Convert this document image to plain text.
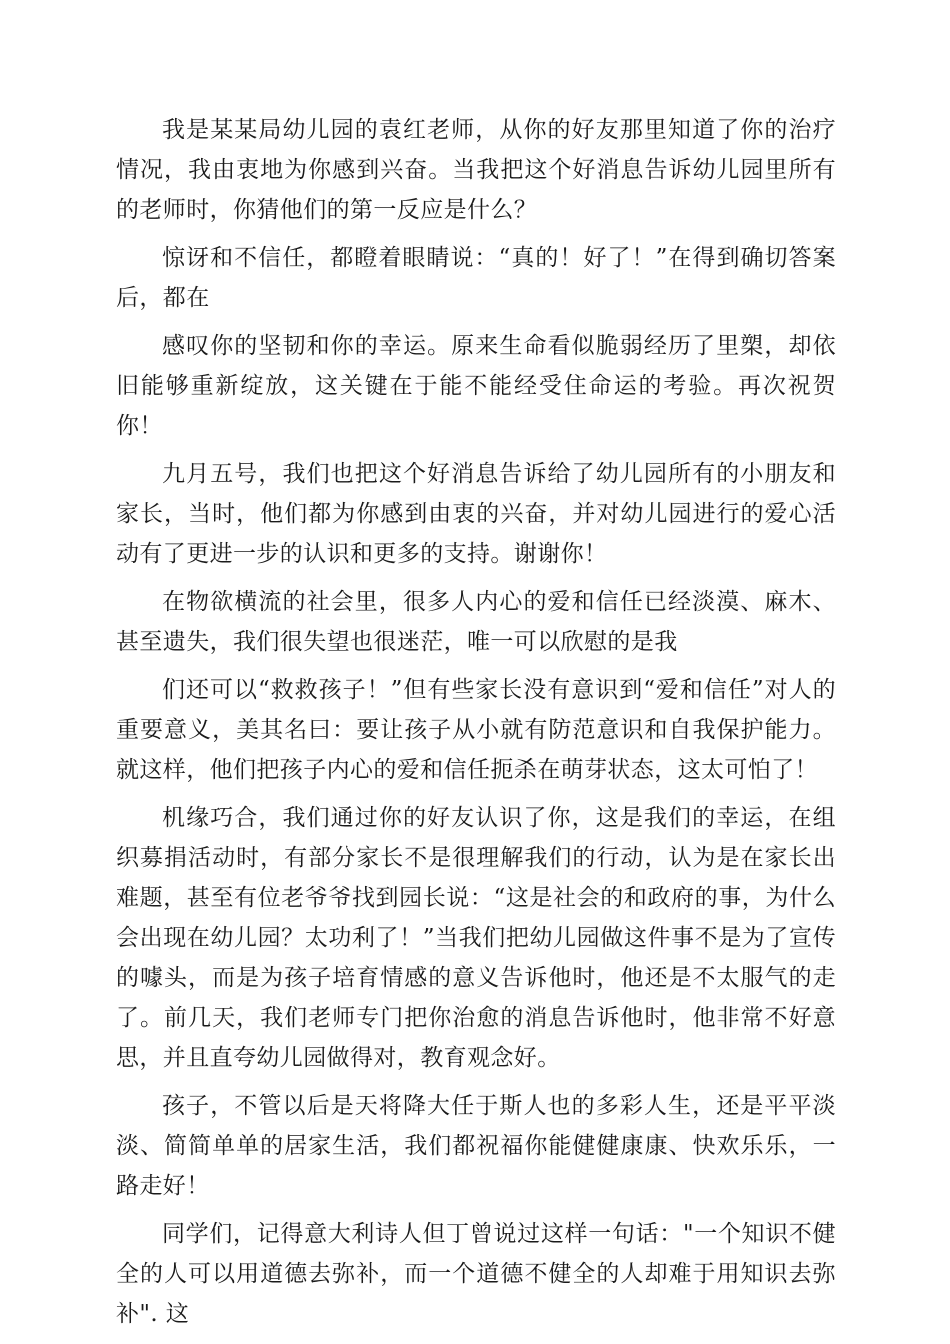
我是某某局幼儿园的袁红老师，从你的好友那里知道了你的治疗情况，我由衷地为你感到兴奋。当我把这个好消息告诉幼儿园里所有的老师时，你猜他们的第一反应是什么？

惊讶和不信任，都瞪着眼睛说：“真的！好了！”在得到确切答案后，都在

感叹你的坚韧和你的幸运。原来生命看似脆弱经历了里槊，却依旧能够重新绽放，这关键在于能不能经受住命运的考验。再次祝贺你！

九月五号，我们也把这个好消息告诉给了幼儿园所有的小朋友和家长，当时，他们都为你感到由衷的兴奋，并对幼儿园进行的爱心活动有了更进一步的认识和更多的支持。谢谢你！

在物欲横流的社会里，很多人内心的爱和信任已经淡漠、麻木、甚至遗失，我们很失望也很迷茫，唯一可以欣慰的是我

们还可以“救救孩子！”但有些家长没有意识到“爱和信任”对人的重要意义，美其名曰：要让孩子从小就有防范意识和自我保护能力。就这样，他们把孩子内心的爱和信任扼杀在萌芽状态，这太可怕了！

机缘巧合，我们通过你的好友认识了你，这是我们的幸运，在组织募捐活动时，有部分家长不是很理解我们的行动，认为是在家长出难题，甚至有位老爷爷找到园长说：“这是社会的和政府的事，为什么会出现在幼儿园？太功利了！”当我们把幼儿园做这件事不是为了宣传的噱头，而是为孩子培育情感的意义告诉他时，他还是不太服气的走了。前几天，我们老师专门把你治愈的消息告诉他时，他非常不好意思，并且直夸幼儿园做得对，教育观念好。

孩子，不管以后是天将降大任于斯人也的多彩人生，还是平平淡淡、简简单单的居家生活，我们都祝福你能健健康康、快欢乐乐，一路走好！

同学们，记得意大利诗人但丁曾说过这样一句话："一个知识不健全的人可以用道德去弥补，而一个道德不健全的人却难于用知识去弥补". 这
